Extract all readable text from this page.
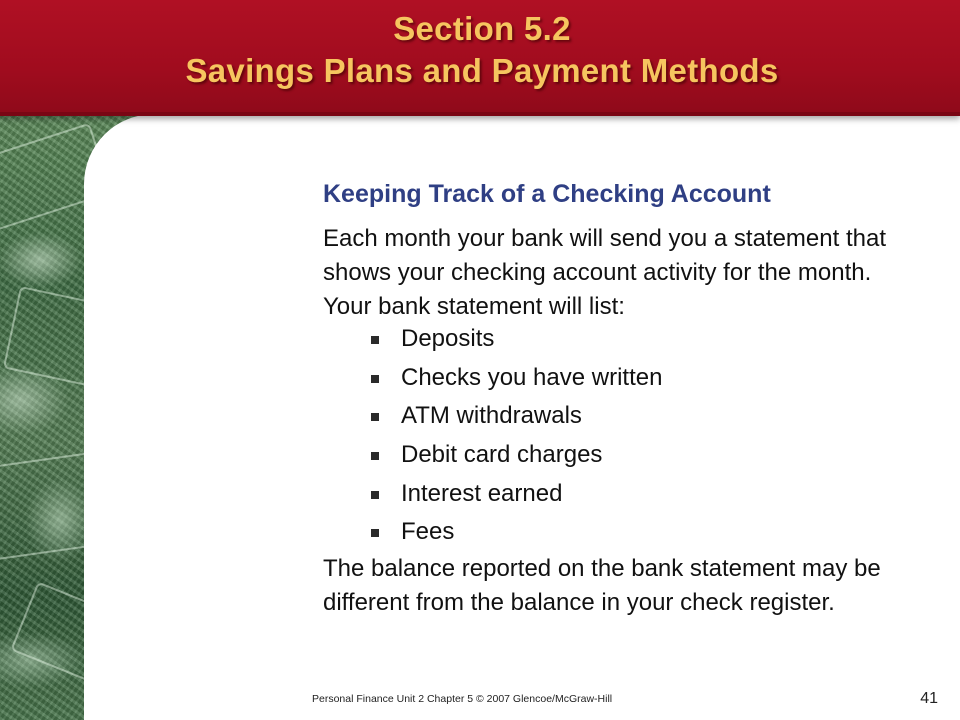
Section 5.2
Savings Plans and Payment Methods
Keeping Track of a Checking Account
Each month your bank will send you a statement that shows your checking account activity for the month. Your bank statement will list:
Deposits
Checks you have written
ATM withdrawals
Debit card charges
Interest earned
Fees
The balance reported on the bank statement may be different from the balance in your check register.
Personal Finance Unit 2 Chapter 5 © 2007 Glencoe/McGraw-Hill	41
